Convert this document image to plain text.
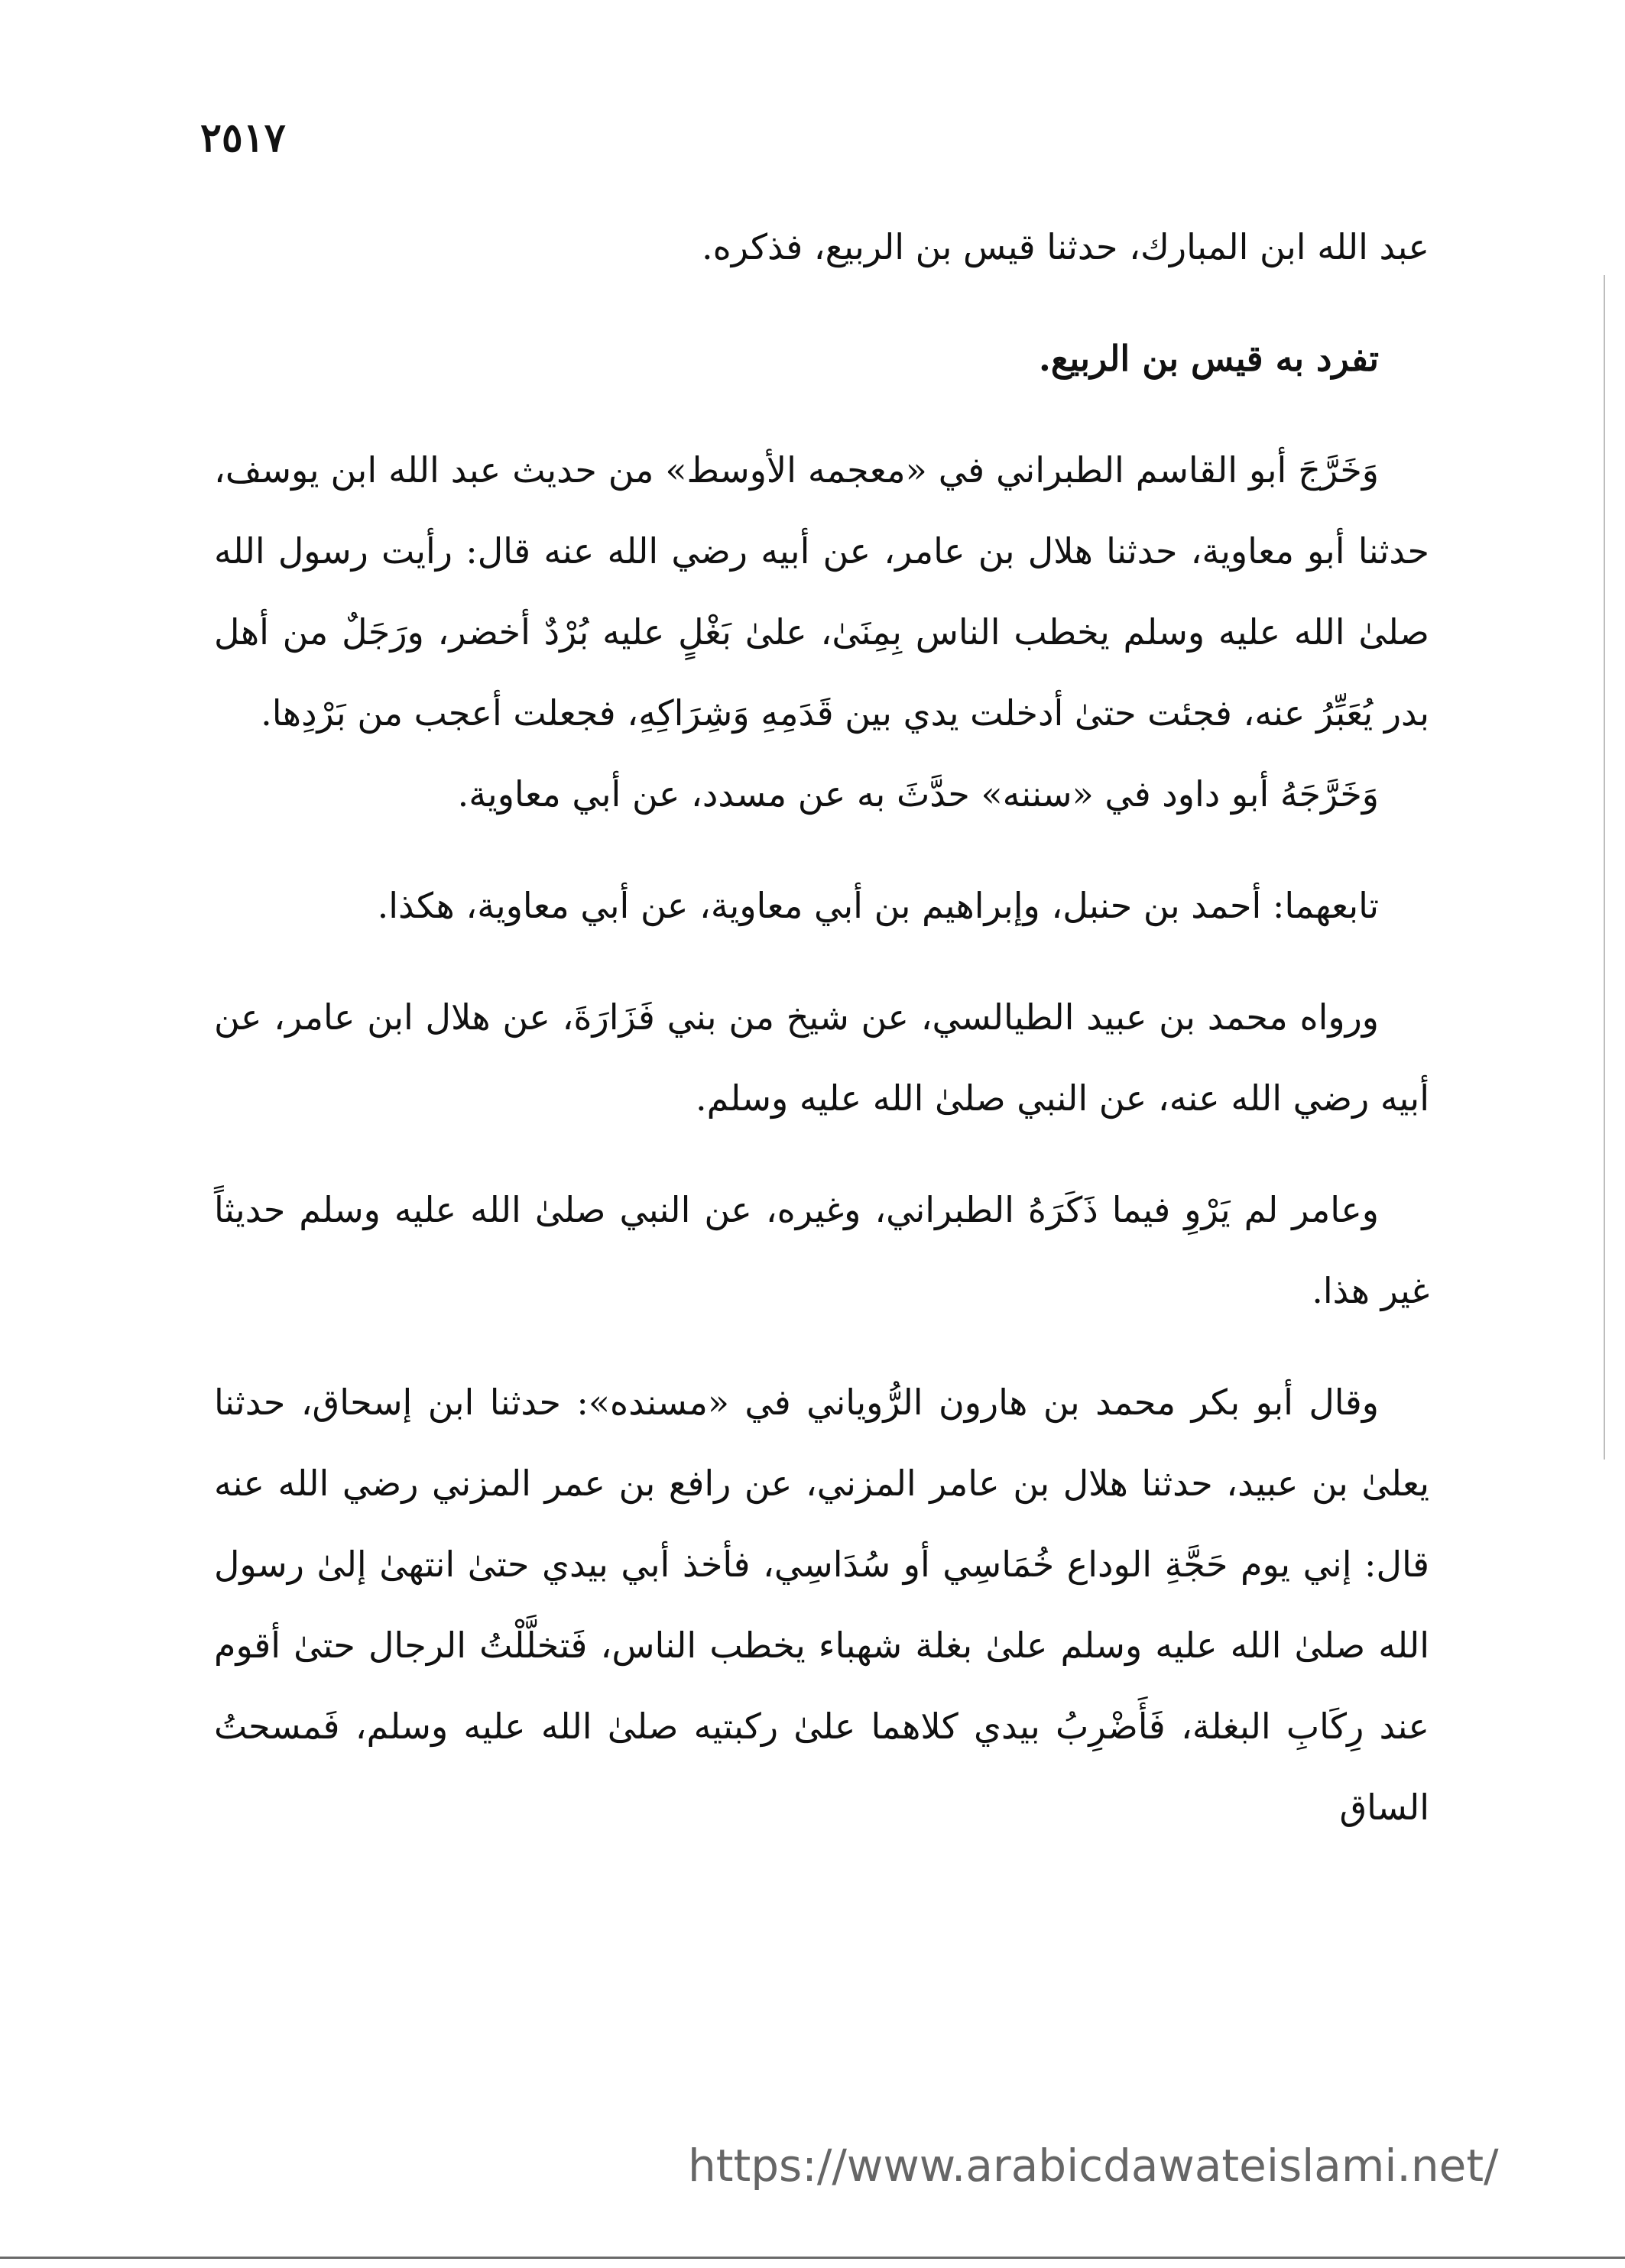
٢٥١٧

عبد الله ابن المبارك، حدثنا قيس بن الربيع، فذكره.

تفرد به قيس بن الربيع.

وَخَرَّجَ أبو القاسم الطبراني في «معجمه الأوسط» من حديث عبد الله ابن يوسف، حدثنا أبو معاوية، حدثنا هلال بن عامر، عن أبيه رضي الله عنه قال: رأيت رسول الله صلىٰ الله عليه وسلم يخطب الناس بِمِنَىٰ، علىٰ بَغْلٍ عليه بُرْدٌ أخضر، ورَجَلٌ من أهل بدر يُعَبِّرُ عنه، فجئت حتىٰ أدخلت يدي بين قَدَمِهِ وَشِرَاكِهِ، فجعلت أعجب من بَرْدِها.

وَخَرَّجَهُ أبو داود في «سننه» حدَّثَ به عن مسدد، عن أبي معاوية.

تابعهما: أحمد بن حنبل، وإبراهيم بن أبي معاوية، عن أبي معاوية، هكذا.

ورواه محمد بن عبيد الطيالسي، عن شيخ من بني فَزَارَةَ، عن هلال ابن عامر، عن أبيه رضي الله عنه، عن النبي صلىٰ الله عليه وسلم.

وعامر لم يَرْوِ فيما ذَكَرَهُ الطبراني، وغيره، عن النبي صلىٰ الله عليه وسلم حديثاً غير هذا.

وقال أبو بكر محمد بن هارون الرُّوياني في «مسنده»: حدثنا ابن إسحاق، حدثنا يعلىٰ بن عبيد، حدثنا هلال بن عامر المزني، عن رافع بن عمر المزني رضي الله عنه قال: إني يوم حَجَّةِ الوداع خُمَاسِي أو سُدَاسِي، فأخذ أبي بيدي حتىٰ انتهىٰ إلىٰ رسول الله صلىٰ الله عليه وسلم علىٰ بغلة شهباء يخطب الناس، فَتخلَّلْتُ الرجال حتىٰ أقوم عند رِكَابِ البغلة، فَأَضْرِبُ بيدي كلاهما علىٰ ركبتيه صلىٰ الله عليه وسلم، فَمسحتُ الساق

https://www.arabicdawateislami.net/
